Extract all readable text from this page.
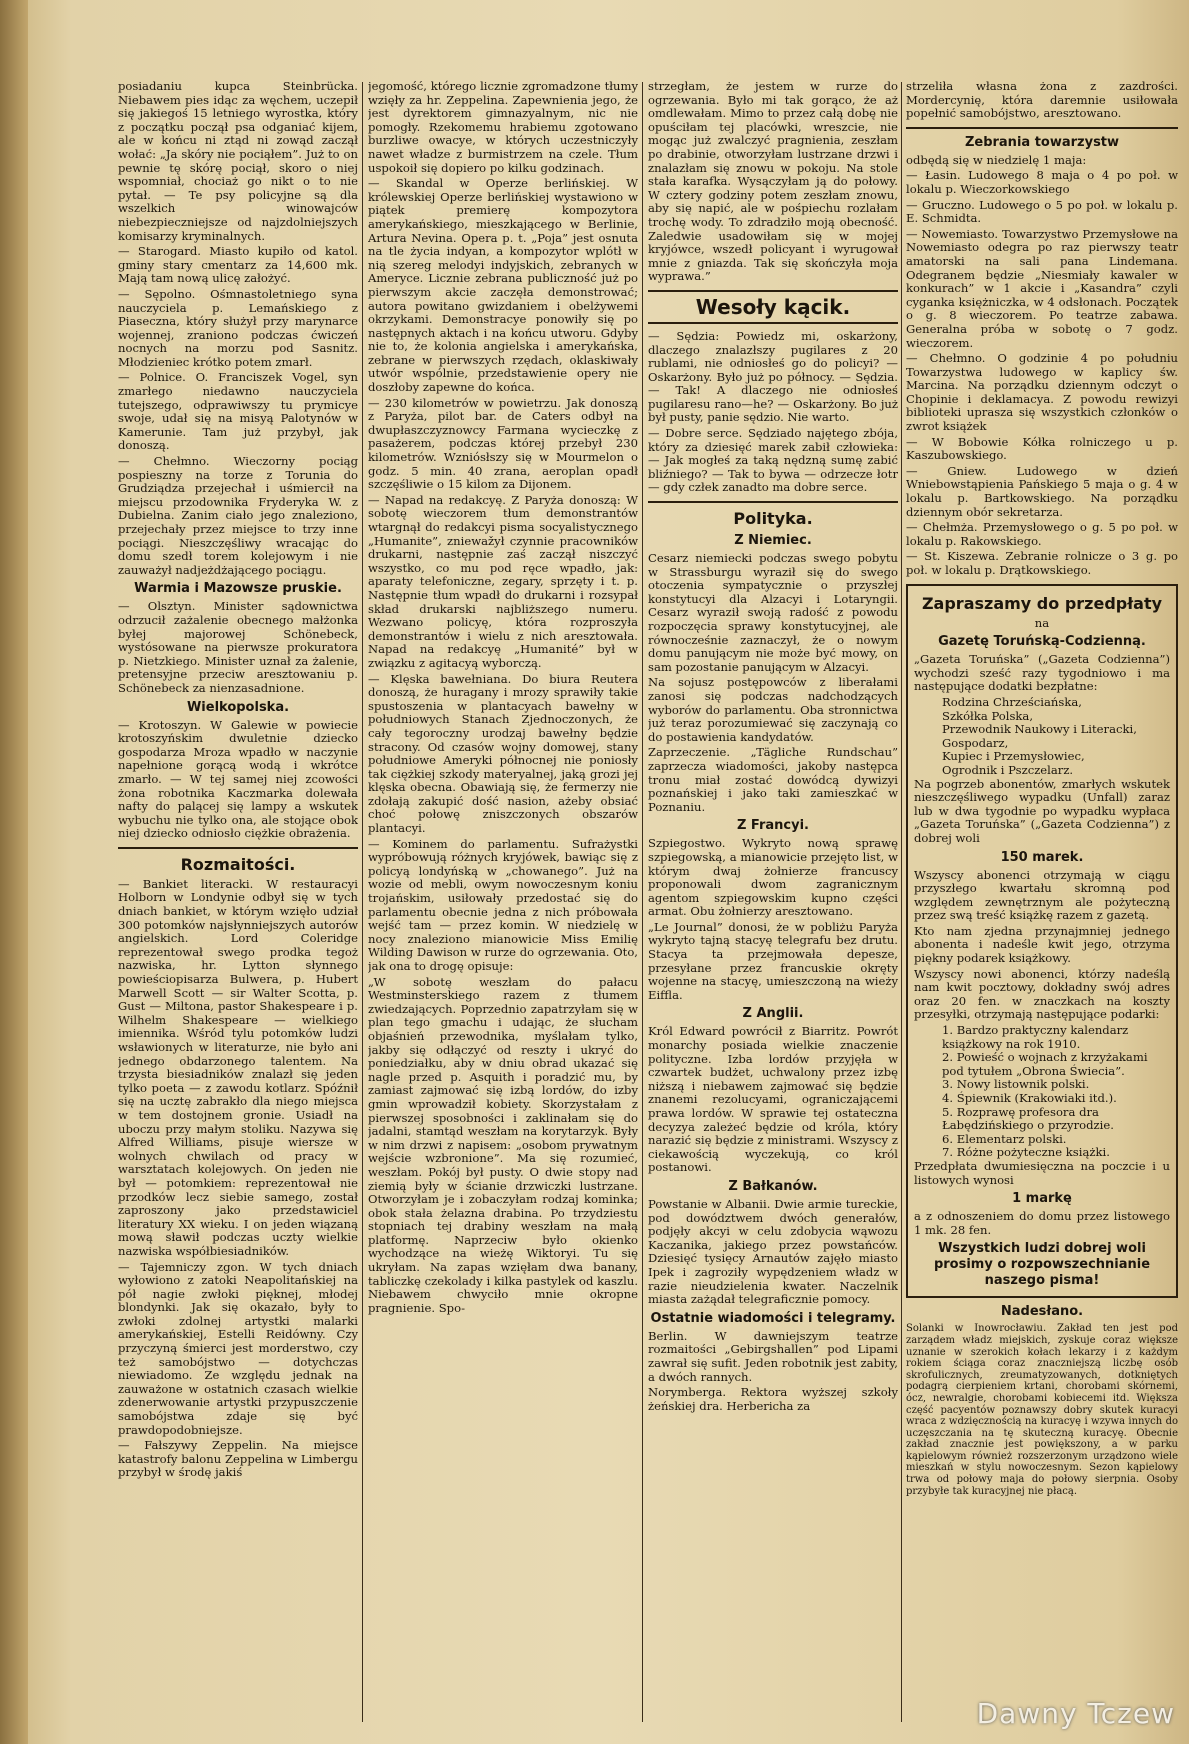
posiadaniu kupca Steinbrücka. Niebawem pies idąc za węchem, uczepił się jakiegoś 15 letniego wyrostka, który z początku począł psa odganiać kijem, ale w końcu ni ztąd ni zowąd zaczął wołać: „Ja skóry nie pociąłem”. Już to on pewnie tę skórę pociął, skoro o niej wspomniał, chociaż go nikt o to nie pytał. — Te psy policyjne są dla wszelkich winowajców niebezpieczniejsze od najzdolniejszych komisarzy kryminalnych.

— Starogard. Miasto kupiło od katol. gminy stary cmentarz za 14,600 mk. Mają tam nową ulicę założyć.

— Sępolno. Ośmnastoletniego syna nauczyciela p. Lemańskiego z Piaseczna, który służył przy marynarce wojennej, zraniono podczas ćwiczeń nocnych na morzu pod Sasnitz. Młodzieniec krótko potem zmarł.

— Polnice. O. Franciszek Vogel, syn zmarłego niedawno nauczyciela tutejszego, odprawiwszy tu prymicye swoje, udał się na misyą Palotynów w Kamerunie. Tam już przybył, jak donoszą.

— Chełmno. Wieczorny pociąg pospieszny na torze z Torunia do Grudziądza przejechał i uśmiercił na miejscu przodownika Fryderyka W. z Dubielna. Zanim ciało jego znaleziono, przejechały przez miejsce to trzy inne pociągi. Nieszczęśliwy wracając do domu szedł torem kolejowym i nie zauważył nadjeżdżającego pociągu.

Warmia i Mazowsze pruskie.

— Olsztyn. Minister sądownictwa odrzucił zażalenie obecnego małżonka byłej majorowej Schönebeck, wystósowane na pierwsze prokuratora p. Nietzkiego. Minister uznał za żalenie, pretensyjne przeciw aresztowaniu p. Schönebeck za nienzasadnione.

Wielkopolska.

— Krotoszyn. W Galewie w powiecie krotoszyńskim dwuletnie dziecko gospodarza Mroza wpadło w naczynie napełnione gorącą wodą i wkrótce zmarło. — W tej samej niej zcowości żona robotnika Kaczmarka dolewała nafty do palącej się lampy a wskutek wybuchu nie tylko ona, ale stojące obok niej dziecko odniosło ciężkie obrażenia.

Rozmaitości.

— Bankiet literacki. W restauracyi Holborn w Londynie odbył się w tych dniach bankiet, w którym wzięło udział 300 potomków najsłynniejszych autorów angielskich. Lord Coleridge reprezentował swego prodka tegoż nazwiska, hr. Lytton słynnego powieściopisarza Bulwera, p. Hubert Marwell Scott — sir Walter Scotta, p. Gust — Miltona, pastor Shakespeare i p. Wilhelm Shakespeare — wielkiego imiennika. Wśród tylu potomków ludzi wsławionych w literaturze, nie było ani jednego obdarzonego talentem. Na trzysta biesiadników znalazł się jeden tylko poeta — z zawodu kotlarz. Spóźnił się na ucztę zabrakło dla niego miejsca w tem dostojnem gronie. Usiadł na uboczu przy małym stoliku. Nazywa się Alfred Williams, pisuje wiersze w wolnych chwilach od pracy w warsztatach kolejowych. On jeden nie był — potomkiem: reprezentował nie przodków lecz siebie samego, został zaproszony jako przedstawiciel literatury XX wieku. I on jeden wiązaną mową sławił podczas uczty wielkie nazwiska współbiesiadników.

— Tajemniczy zgon. W tych dniach wyłowiono z zatoki Neapolitańskiej na pół nagie zwłoki pięknej, młodej blondynki. Jak się okazało, były to zwłoki zdolnej artystki malarki amerykańskiej, Estelli Reidówny. Czy przyczyną śmierci jest morderstwo, czy też samobójstwo — dotychczas niewiadomo. Ze względu jednak na zauważone w ostatnich czasach wielkie zdenerwowanie artystki przypuszczenie samobójstwa zdaje się być prawdopodobniejsze.

— Fałszywy Zeppelin. Na miejsce katastrofy balonu Zeppelina w Limbergu przybył w środę jakiś

jegomość, którego licznie zgromadzone tłumy wzięły za hr. Zeppelina. Zapewnienia jego, że jest dyrektorem gimnazyalnym, nic nie pomogły. Rzekomemu hrabiemu zgotowano burzliwe owacye, w których uczestniczyły nawet władze z burmistrzem na czele. Tłum uspokoił się dopiero po kilku godzinach.

— Skandal w Operze berlińskiej. W królewskiej Operze berlińskiej wystawiono w piątek premierę kompozytora amerykańskiego, mieszkającego w Berlinie, Artura Nevina. Opera p. t. „Poja” jest osnuta na tle życia indyan, a kompozytor wplótł w nią szereg melodyi indyjskich, zebranych w Ameryce. Licznie zebrana publiczność już po pierwszym akcie zaczęła demonstrować; autora powitano gwizdaniem i obelżywemi okrzykami. Demonstracye ponowiły się po następnych aktach i na końcu utworu. Gdyby nie to, że kolonia angielska i amerykańska, zebrane w pierwszych rzędach, oklaskiwały utwór wspólnie, przedstawienie opery nie doszłoby zapewne do końca.

— 230 kilometrów w powietrzu. Jak donoszą z Paryża, pilot bar. de Caters odbył na dwupłaszczyznowcy Farmana wycieczkę z pasażerem, podczas której przebył 230 kilometrów. Wzniósłszy się w Mourmelon o godz. 5 min. 40 zrana, aeroplan opadł szczęśliwie o 15 kilom za Dijonem.

— Napad na redakcyę. Z Paryża donoszą: W sobotę wieczorem tłum demonstrantów wtargnął do redakcyi pisma socyalistycznego „Humanite”, zniewažył czynnie pracowników drukarni, następnie zaś zaczął niszczyć wszystko, co mu pod ręce wpadło, jak: aparaty telefoniczne, zegary, sprzęty i t. p. Następnie tłum wpadł do drukarni i rozsypał skład drukarski najbliższego numeru. Wezwano policyę, która rozproszyła demonstrantów i wielu z nich aresztowała. Napad na redakcyę „Humanité” był w związku z agitacyą wyborczą.

— Klęska bawełniana. Do biura Reutera donoszą, że huragany i mrozy sprawiły takie spustoszenia w plantacyach bawełny w południowych Stanach Zjednoczonych, że cały tegoroczny urodzaj bawełny będzie stracony. Od czasów wojny domowej, stany południowe Ameryki północnej nie poniosły tak ciężkiej szkody materyalnej, jaką grozi jej klęska obecna. Obawiają się, że fermerzy nie zdołają zakupić dość nasion, ażeby obsiać choć połowę zniszczonych obszarów plantacyi.

— Kominem do parlamentu. Sufrażystki wypróbowują różnych kryjówek, bawiąc się z policyą londyńską w „chowanego”. Już na wozie od mebli, owym nowoczesnym koniu trojańskim, usiłowały przedostać się do parlamentu obecnie jedna z nich próbowała wejść tam — przez komin. W niedzielę w nocy znaleziono mianowicie Miss Emilię Wilding Dawison w rurze do ogrzewania. Oto, jak ona to drogę opisuje:

„W sobotę weszłam do pałacu Westminsterskiego razem z tłumem zwiedzających. Poprzednio zapatrzyłam się w plan tego gmachu i udając, że słucham objaśnień przewodnika, myślałam tylko, jakby się odłączyć od reszty i ukryć do poniedziałku, aby w dniu obrad ukazać się nagle przed p. Asquith i poradzić mu, by zamiast zajmować się izbą lordów, do izby gmin wprowadził kobiety. Skorzystałam z pierwszej sposobności i zaklinałam się do jadalni, stamtąd weszłam na korytarzyk. Były w nim drzwi z napisem: „osobom prywatnym wejście wzbronione”. Ma się rozumieć, weszłam. Pokój był pusty. O dwie stopy nad ziemią były w ścianie drzwiczki lustrzane. Otworzyłam je i zobaczyłam rodzaj kominka; obok stała żelazna drabina. Po trzydziestu stopniach tej drabiny weszłam na małą platformę. Naprzeciw było okienko wychodzące na wieżę Wiktoryi. Tu się ukryłam. Na zapas wzięłam dwa banany, tabliczkę czekolady i kilka pastylek od kaszlu. Niebawem chwyciło mnie okropne pragnienie. Spo-

strzegłam, że jestem w rurze do ogrzewania. Było mi tak gorąco, że aż omdlewałam. Mimo to przez całą dobę nie opuściłam tej placówki, wreszcie, nie mogąc już zwalczyć pragnienia, zeszłam po drabinie, otworzyłam lustrzane drzwi i znalazłam się znowu w pokoju. Na stole stała karafka. Wysączyłam ją do połowy. W cztery godziny potem zeszłam znowu, aby się napić, ale w pośpiechu rozlałam trochę wody. To zdradziło moją obecność. Zaledwie usadowiłam się w mojej kryjówce, wszedł policyant i wyrugował mnie z gniazda. Tak się skończyła moja wyprawa.”

Wesoły kącik.

— Sędzia: Powiedz mi, oskarżony, dlaczego znalazłszy pugilares z 20 rublami, nie odniosłeś go do policyi? — Oskarżony. Było już po północy. — Sędzia. — Tak! A dlaczego nie odniosłeś pugilaresu rano—he? — Oskarżony. Bo już był pusty, panie sędzio. Nie warto.

— Dobre serce. Sędziado najętego zbója, który za dziesięć marek zabił człowieka: — Jak mogłeś za taką nędzną sumę zabić bliźniego? — Tak to bywa — odrzecze łotr — gdy człek zanadto ma dobre serce.

Polityka.
Z Niemiec.

Cesarz niemiecki podczas swego pobytu w Strassburgu wyraził się do swego otoczenia sympatycznie o przyszłej konstytucyi dla Alzacyi i Lotaryngii. Cesarz wyraził swoją radość z powodu rozpoczęcia sprawy konstytucyjnej, ale równocześnie zaznaczył, że o nowym domu panującym nie może być mowy, on sam pozostanie panującym w Alzacyi.

Na sojusz postępowców z liberałami zanosi się podczas nadchodzących wyborów do parlamentu. Oba stronnictwa już teraz porozumiewać się zaczynają co do postawienia kandydatów.

Zaprzeczenie. „Tägliche Rundschau” zaprzecza wiadomości, jakoby następca tronu miał zostać dowódcą dywizyi poznańskiej i jako taki zamieszkać w Poznaniu.

Z Francyi.

Szpiegostwo. Wykryto nową sprawę szpiegowską, a mianowicie przejęto list, w którym dwaj żołnierze francuscy proponowali dwom zagranicznym agentom szpiegowskim kupno części armat. Obu żołnierzy aresztowano.

„Le Journal” donosi, że w pobliżu Paryża wykryto tajną stacyę telegrafu bez drutu. Stacya ta przejmowała depesze, przesyłane przez francuskie okręty wojenne na stacyę, umieszczoną na wieży Eiffla.

Z Anglii.

Król Edward powrócił z Biarritz. Powrót monarchy posiada wielkie znaczenie polityczne. Izba lordów przyjęła w czwartek budżet, uchwalony przez izbę niższą i niebawem zajmować się będzie znanemi rezolucyami, ograniczającemi prawa lordów. W sprawie tej ostateczna decyzya zależeć będzie od króla, który narazić się będzie z ministrami. Wszyscy z ciekawością wyczekują, co król postanowi.

Z Bałkanów.

Powstanie w Albanii. Dwie armie tureckie, pod dowództwem dwóch generałów, podjęły akcyi w celu zdobycia wąwozu Kaczanika, jakiego przez powstańców. Dziesięć tysięcy Arnautów zajęło miasto Ipek i zagroziły wypędzeniem władz w razie nieudzielenia kwater. Naczelnik miasta zażądał telegraficznie pomocy.

Ostatnie wiadomości i telegramy.

Berlin. W dawniejszym teatrze rozmaitości „Gebirgshallen” pod Lipami zawrał się sufit. Jeden robotnik jest zabity, a dwóch rannych.

Norymberga. Rektora wyższej szkoły żeńskiej dra. Herbericha za

strzeliła własna żona z zazdrości. Mordercynię, która daremnie usiłowała popełnić samobójstwo, aresztowano.

Zebrania towarzystw

odbędą się w niedzielę 1 maja:

— Łasin. Ludowego 8 maja o 4 po poł. w lokalu p. Wieczorkowskiego

— Gruczno. Ludowego o 5 po poł. w lokalu p. E. Schmidta.

— Nowemiasto. Towarzystwo Przemysłowe na Nowemiasto odegra po raz pierwszy teatr amatorski na sali pana Lindemana. Odegranem będzie „Niesmiały kawaler w konkurach” w 1 akcie i „Kasandra” czyli cyganka księżniczka, w 4 odsłonach. Początek o g. 8 wieczorem. Po teatrze zabawa. Generalna próba w sobotę o 7 godz. wieczorem.

— Chełmno. O godzinie 4 po południu Towarzystwa ludowego w kaplicy św. Marcina. Na porządku dziennym odczyt o Chopinie i deklamacya. Z powodu rewizyi biblioteki uprasza się wszystkich członków o zwrot książek

— W Bobowie Kółka rolniczego u p. Kaszubowskiego.

— Gniew. Ludowego w dzień Wniebowstąpienia Pańskiego 5 maja o g. 4 w lokalu p. Bartkowskiego. Na porządku dziennym obór sekretarza.

— Chełmża. Przemysłowego o g. 5 po poł. w lokalu p. Rakowskiego.

— St. Kiszewa. Zebranie rolnicze o 3 g. po poł. w lokalu p. Drątkowskiego.

Zapraszamy do przedpłaty
na
Gazetę Toruńską-Codzienną.

„Gazeta Toruńska” („Gazeta Codzienna”) wychodzi sześć razy tygodniowo i ma następujące dodatki bezpłatne:

Rodzina Chrześciańska,

Szkółka Polska,

Przewodnik Naukowy i Literacki,

Gospodarz,

Kupiec i Przemysłowiec,

Ogrodnik i Pszczelarz.

Na pogrzeb abonentów, zmarłych wskutek nieszczęśliwego wypadku (Unfall) zaraz lub w dwa tygodnie po wypadku wypłaca „Gazeta Toruńska” („Gazeta Codzienna”) z dobrej woli

150 marek.

Wszyscy abonenci otrzymają w ciągu przyszłego kwartału skromną pod względem zewnętrznym ale pożyteczną przez swą treść książkę razem z gazetą.

Kto nam zjedna przynajmniej jednego abonenta i nadeśle kwit jego, otrzyma piękny podarek książkowy.

Wszyscy nowi abonenci, którzy nadeślą nam kwit pocztowy, dokładny swój adres oraz 20 fen. w znaczkach na koszty przesyłki, otrzymają następujące podarki:

1. Bardzo praktyczny kalendarz książkowy na rok 1910.

2. Powieść o wojnach z krzyżakami pod tytułem „Obrona Świecia”.

3. Nowy listownik polski.

4. Śpiewnik (Krakowiaki itd.).

5. Rozprawę profesora dra Łabędzińskiego o przyrodzie.

6. Elementarz polski.

7. Różne pożyteczne książki.

Przedpłata dwumiesięczna na poczcie i u listowych wynosi

1 markę

a z odnoszeniem do domu przez listowego 1 mk. 28 fen.

Wszystkich ludzi dobrej woli prosimy o rozpowszechnianie naszego pisma!
Nadesłano.

Solanki w Inowrocławiu. Zakład ten jest pod zarządem władz miejskich, zyskuje coraz większe uznanie w szerokich kołach lekarzy i z każdym rokiem ściąga coraz znaczniejszą liczbę osób skrofulicznych, zreumatyzowanych, dotkniętych podagrą cierpieniem krtani, chorobami skórnemi, ócz, newralgie, chorobami kobiecemi itd. Większa część pacyentów poznawszy dobry skutek kuracyi wraca z wdzięcznością na kuracyę i wzywa innych do uczęszczania na tę skuteczną kuracyę. Obecnie zakład znacznie jest powiększony, a w parku kąpielowym również rozszerzonym urządzono wiele mieszkań w stylu nowoczesnym. Sezon kąpielowy trwa od połowy maja do połowy sierpnia. Osoby przybyłe tak kuracyjnej nie płacą.

Dawny Tczew
